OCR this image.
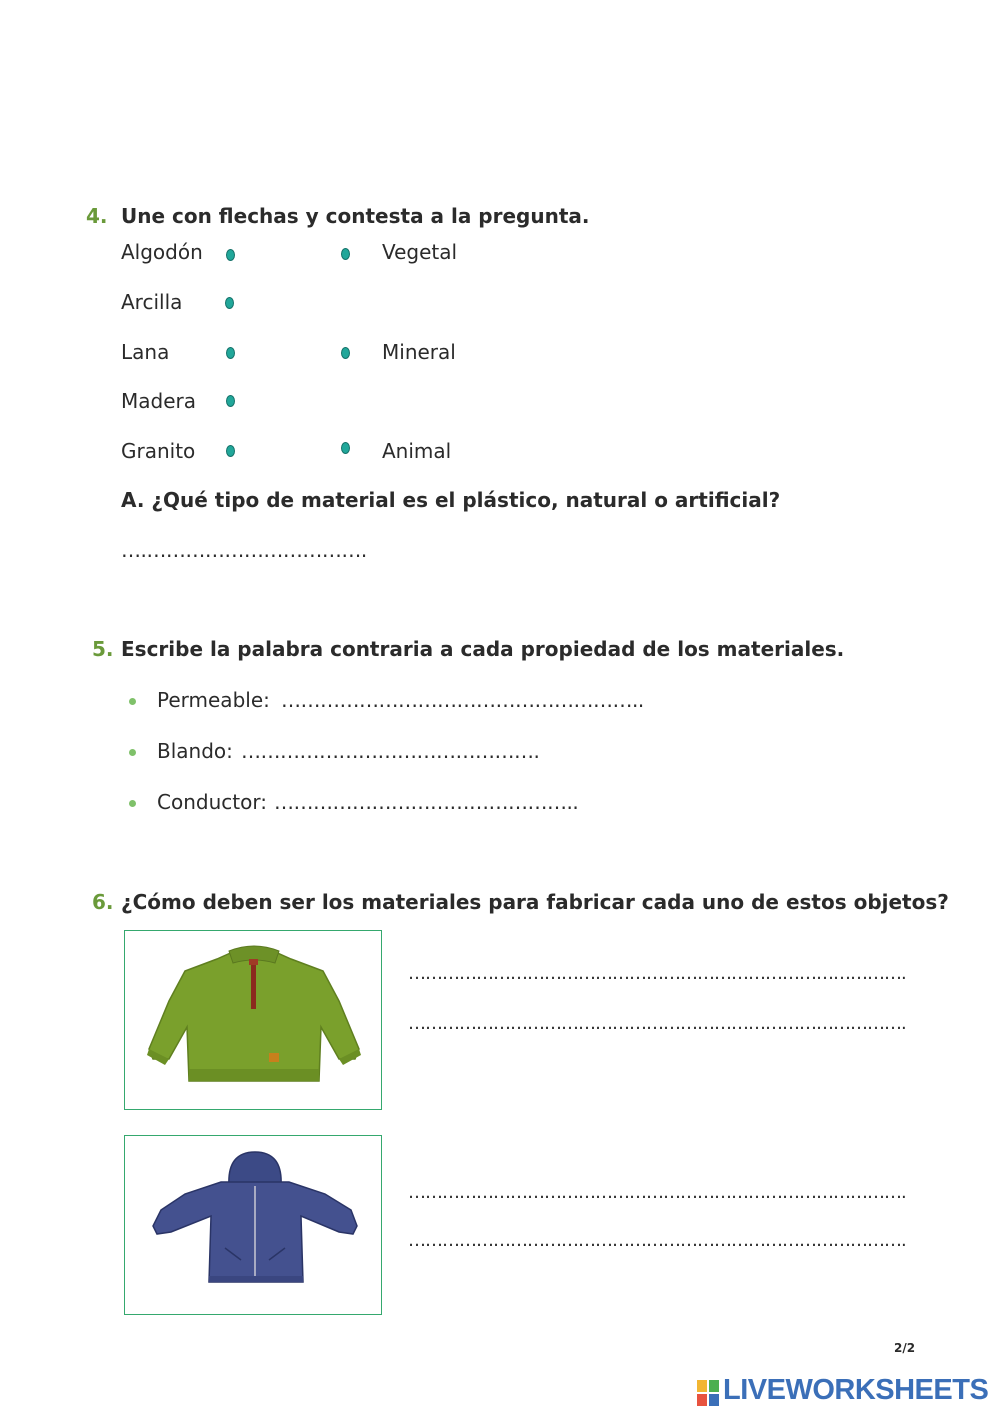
4. Une con flechas y contesta a la pregunta.
Algodón
Arcilla
Lana
Madera
Granito
Vegetal
Mineral
Animal
A. ¿Qué tipo de material es el plástico, natural o artificial?
….…………………………….
5. Escribe la palabra contraria a cada propiedad de los materiales.
Permeable: ………………………………………………..
Blando: ……………………………………….
Conductor: ………………………………………..
6. ¿Cómo deben ser los materiales para fabricar cada uno de estos objetos?
…………………………………………………………………………….
…………………………………………………………………………….
…………………………………………………………………………….
…………………………………………………………………………….
2/2
LIVEWORKSHEETS
